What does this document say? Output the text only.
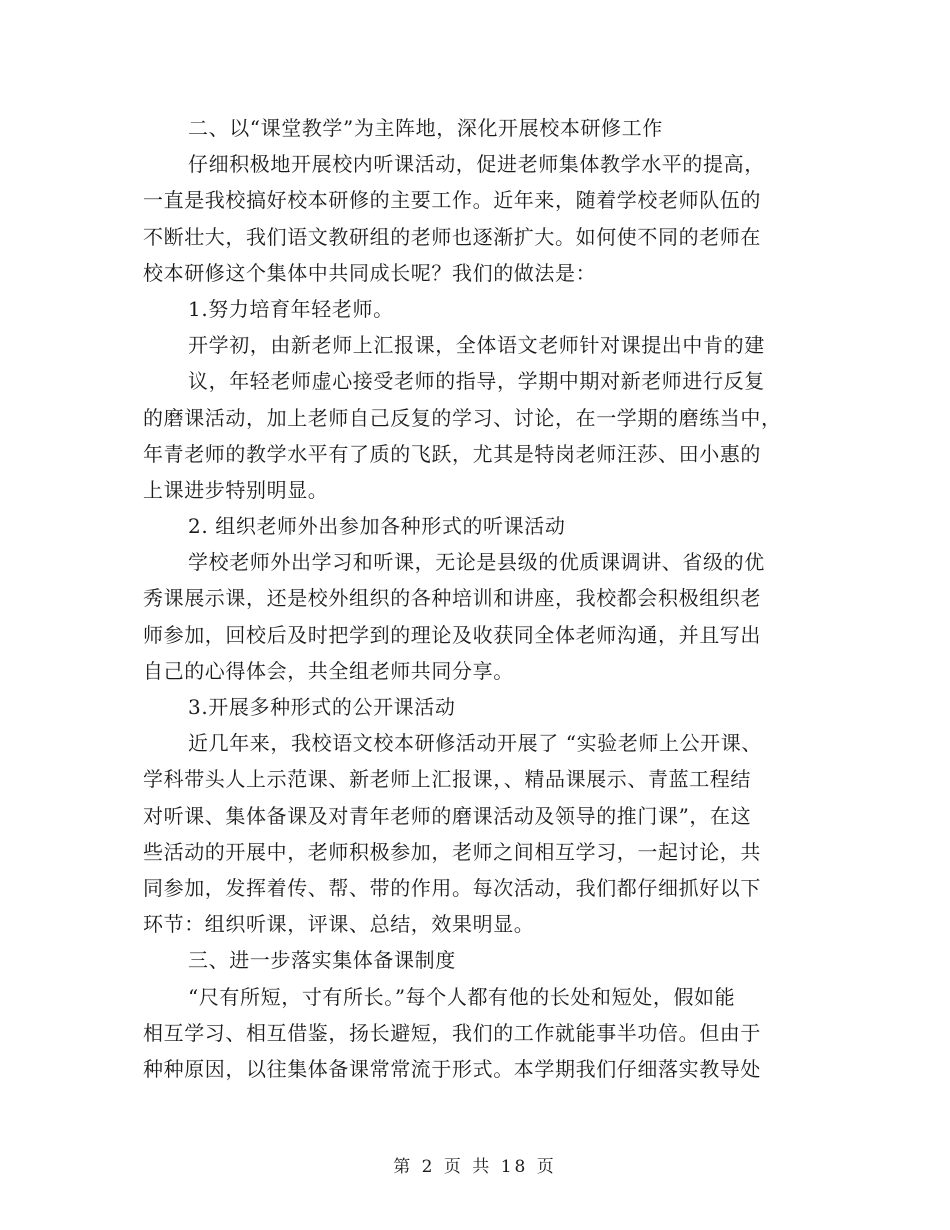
二、以“课堂教学”为主阵地，深化开展校本研修工作
仔细积极地开展校内听课活动，促进老师集体教学水平的提高，
一直是我校搞好校本研修的主要工作。近年来，随着学校老师队伍的
不断壮大，我们语文教研组的老师也逐渐扩大。如何使不同的老师在
校本研修这个集体中共同成长呢？我们的做法是：
1.努力培育年轻老师。
开学初，由新老师上汇报课，全体语文老师针对课提出中肯的建
议，年轻老师虚心接受老师的指导，学期中期对新老师进行反复
的磨课活动，加上老师自己反复的学习、讨论，在一学期的磨练当中，
年青老师的教学水平有了质的飞跃，尤其是特岗老师汪莎、田小惠的
上课进步特别明显。
2. 组织老师外出参加各种形式的听课活动
学校老师外出学习和听课，无论是县级的优质课调讲、省级的优
秀课展示课，还是校外组织的各种培训和讲座，我校都会积极组织老
师参加，回校后及时把学到的理论及收获同全体老师沟通，并且写出
自己的心得体会，共全组老师共同分享。
3.开展多种形式的公开课活动
近几年来，我校语文校本研修活动开展了 “实验老师上公开课、
学科带头人上示范课、新老师上汇报课，、精品课展示、青蓝工程结
对听课、集体备课及对青年老师的磨课活动及领导的推门课”，在这
些活动的开展中，老师积极参加，老师之间相互学习，一起讨论，共
同参加，发挥着传、帮、带的作用。每次活动，我们都仔细抓好以下
环节：组织听课，评课、总结，效果明显。
三、进一步落实集体备课制度
“尺有所短，寸有所长。”每个人都有他的长处和短处，假如能
相互学习、相互借鉴，扬长避短，我们的工作就能事半功倍。但由于
种种原因，以往集体备课常常流于形式。本学期我们仔细落实教导处
第 2 页 共 18 页
